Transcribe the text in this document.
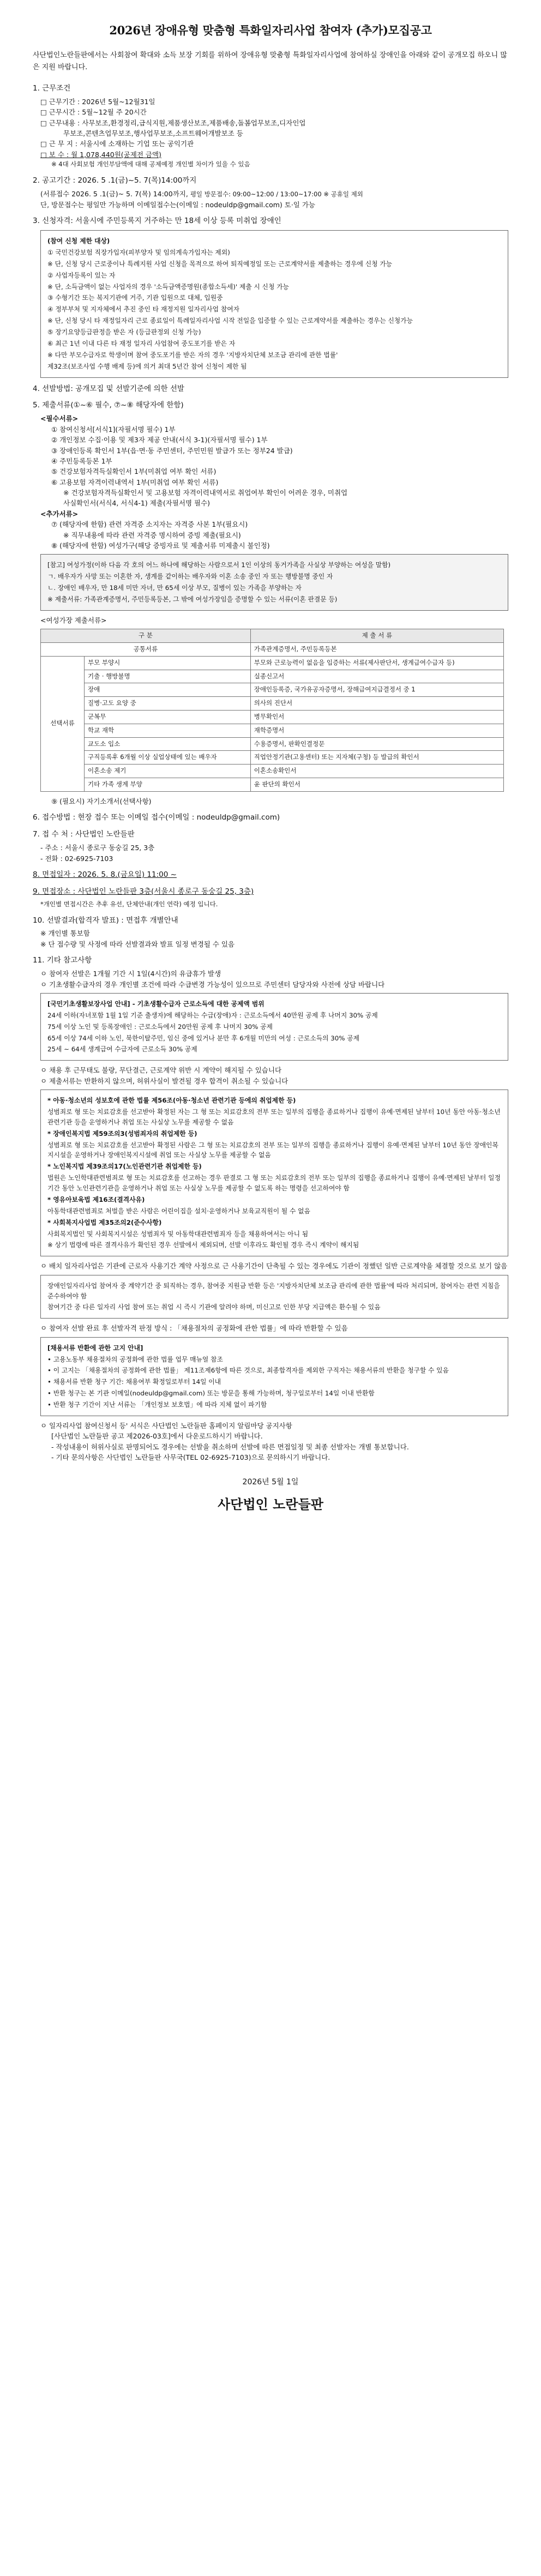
2026년 장애유형 맞춤형 특화일자리사업 참여자 (추가)모집공고
사단법인노란들판에서는 사회참여 확대와 소득 보장 기회를 위하여 장애유형 맞춤형 특화일자리사업에 참여하실 장애인을 아래와 같이 공개모집 하오니 많은 지원 바랍니다.
1. 근무조건
□ 근무기간 : 2026년 5월~12월31일
□ 근무시간 : 5월~12월 주 20시간
□ 근무내용 : 사무보조,환경정리,급식지원,제품생산보조,제품배송,돌봄업무보조,디자인업
무보조,콘텐츠업무보조,행사업무보조,소프트웨어개발보조 등
□ 근 무 지 : 서울시에 소재하는 기업 또는 공익기관
□ 보 수 : 월 1,078,440원(공제전 금액)
※ 4대 사회보험 개인부담액에 대해 공제예정 개인별 차이가 있을 수 있음
2. 공고기간 : 2026. 5 .1(금)~5. 7(목)14:00까지
(서류접수 2026. 5 .1(금)~ 5. 7(목) 14:00까지, 평일 방문접수: 09:00~12:00 / 13:00~17:00 ※ 공휴일 제외
단, 방문접수는 평일만 가능하며 이메일접수는(이메일 : nodeuldp@gmail.com) 토·일 가능
3. 신청자격: 서울시에 주민등록지 거주하는 만 18세 이상 등록 미취업 장애인

(참여 신청 제한 대상)

① 국민건강보험 직장가입자(피부양자 및 임의계속가입자는 제외)

※ 단, 신청 당시 근로중이나 특례지원 사업 신청을 목적으로 하여 퇴직예정일 또는 근로계약서를 제출하는 경우에 신청 가능

② 사업자등록이 있는 자

※ 단, 소득금액이 없는 사업자의 경우 '소득금액증명원(종합소득세)' 제출 시 신청 가능

③ 수형기간 또는 복지기관에 거주, 기관 입원으로 대체, 입원중

④ 정부부처 및 지자체에서 추진 중인 타 재정지원 일자리사업 참여자

※ 단, 신청 당시 타 재정일자리 근로 종료일이 특례일자리사업 시작 전일을 입증할 수 있는 근로계약서를 제출하는 경우는 신청가능

⑤ 장기요양등급판정을 받은 자 (등급판정외 신청 가능)

⑥ 최근 1년 이내 다른 타 재정 일자리 사업참여 중도포기를 받은 자

※ 다만 부모수급자로 학생이며 참여 중도포기를 받은 자의 경우 '지방자치단체 보조금 관리에 관한 법률'

제32조(보조사업 수행 배제 등)에 의거 최대 5년간 참여 신청이 제한 됨

4. 선발방법: 공개모집 및 선발기준에 의한 선발
5. 제출서류(①~⑥ 필수, ⑦~⑧ 해당자에 한함)
<필수서류>
① 참여신청서[서식1](자필서명 필수) 1부
② 개인정보 수집·이용 및 제3자 제공 안내(서식 3-1)(자필서명 필수) 1부
③ 장애인등록 확인서 1부(읍·면·동 주민센터, 주민민원 발급가 또는 정부24 발급)
④ 주민등록등본 1부
⑤ 건강보험자격득실확인서 1부(미취업 여부 확인 서류)
⑥ 고용보험 자격이력내역서 1부(미취업 여부 확인 서류)
※ 건강보험자격득실확인서 및 고용보험 자격이력내역서로 취업여부 확인이 어려운 경우, 미취업
사실확인서(서식4, 서식4-1) 제출(자필서명 필수)
<추가서류>
⑦ (해당자에 한함) 관련 자격증 소지자는 자격증 사본 1부(필요시)
※ 직무내용에 따라 관련 자격증 명시하여 증빙 제출(필요시)
⑧ (해당자에 한함) 여성가구(해당 증빙자료 및 제출서류 미제출시 불인정)

[참고] 여성가정(이하 다음 각 호의 어느 하나에 해당하는 사람으로서 1인 이상의 동거가족을 사실상 부양하는 여성을 말함)

ㄱ. 배우자가 사망 또는 이혼한 자, 생계를 같이하는 배우자와 이혼 소송 중인 자 또는 행방불명 중인 자

ㄴ. 장애인 배우자, 만 18세 미만 자녀, 만 65세 이상 부모, 질병이 있는 가족을 부양하는 자

※ 제출서류: 가족관계증명서, 주민등록등본, 그 밖에 여성가장임을 증명할 수 있는 서류(이혼 판결문 등)

<여성가장 제출서류>
구 분		제 출 서 류
공통서류		가족관계증명서, 주민등록등본
선택서류	부모 부양시	부모와 근로능력이 없음을 입증하는 서류(제사판단서, 생계급여수급자 등)
	기출 · 행방불명	실종신고서
	장애	장애인등록증, 국가유공자증명서, 장해급여지급결정서 중 1
	질병·고도 요양 중	의사의 진단서
	군복무	병무확인서
	학교 재학	재학증명서
	교도소 입소	수용증명서, 판확인결정문
	구직등록후 6개월 이상 실업상태에 있는 배우자	직업안정기관(고용센터) 또는 지자체(구청) 등 발급의 확인서
	이혼소송 제기	이혼소송확인서
	기타 가족 생계 부양	윤 판단의 확인서
⑨ (필요시) 자기소개서(선택사항)
6. 접수방법 : 현장 접수 또는 이메일 접수(이메일 : nodeuldp@gmail.com)
7. 접 수 처 : 사단법인 노란들판
- 주소 : 서울시 종로구 동숭길 25, 3층
- 전화 : 02-6925-7103
8. 면접일자 : 2026. 5. 8.(금요일) 11:00 ~
9. 면접장소 : 사단법인 노란들판 3층(서울시 종로구 동숭길 25, 3층)
*개인별 면접시간은 추후 유선, 단체안내(개인 연락) 예정 입니다.
10. 선발결과(합격자 발표) : 면접후 개별안내
※ 개인별 통보함
※ 단 접수량 및 사정에 따라 선발결과와 발표 일정 변경될 수 있음
11. 기타 참고사항
ㅇ 참여자 선발은 1개월 기간 시 1일(4시간)의 유급휴가 발생
ㅇ 기초생활수급자의 경우 개인별 조건에 따라 수급변경 가능성이 있으므로 주민센터 담당자와 사전에 상담 바랍니다

[국민기초생활보장사업 안내] - 기초생활수급자 근로소득에 대한 공제액 범위

24세 이하(자녀포함 1월 1일 기준 출생자)에 해당하는 수급(장애)자 : 근로소득에서 40만원 공제 후 나머지 30% 공제

75세 이상 노인 및 등록장애인 : 근로소득에서 20만원 공제 후 나머지 30% 공제

65세 이상 74세 이하 노인, 북한이탈주민, 임신 중에 있거나 분만 후 6개월 미만의 여성 : 근로소득의 30% 공제

25세 ~ 64세 생계급여 수급자에 근로소득 30% 공제

ㅇ 채용 후 근무태도 불량, 무단결근, 근로계약 위반 시 계약이 해지될 수 있습니다
ㅇ 제출서류는 반환하지 않으며, 허위사실이 발견될 경우 합격이 취소될 수 있습니다

* 아동·청소년의 성보호에 관한 법률 제56조(아동·청소년 관련기관 등에의 취업제한 등)

성범죄로 형 또는 치료감호를 선고받아 확정된 자는 그 형 또는 치료감호의 전부 또는 일부의 집행을 종료하거나 집행이 유예·면제된 날부터 10년 동안 아동·청소년 관련기관 등을 운영하거나 취업 또는 사실상 노무를 제공할 수 없음

* 장애인복지법 제59조의3(성범죄자의 취업제한 등)

성범죄로 형 또는 치료감호를 선고받아 확정된 사람은 그 형 또는 치료감호의 전부 또는 일부의 집행을 종료하거나 집행이 유예·면제된 날부터 10년 동안 장애인복지시설을 운영하거나 장애인복지시설에 취업 또는 사실상 노무를 제공할 수 없음

* 노인복지법 제39조의17(노인관련기관 취업제한 등)

법원은 노인학대관련범죄로 형 또는 치료감호를 선고하는 경우 판결로 그 형 또는 치료감호의 전부 또는 일부의 집행을 종료하거나 집행이 유예·면제된 날부터 일정기간 동안 노인관련기관을 운영하거나 취업 또는 사실상 노무를 제공할 수 없도록 하는 명령을 선고하여야 함

* 영유아보육법 제16조(결격사유)

아동학대관련범죄로 처벌을 받은 사람은 어린이집을 설치·운영하거나 보육교직원이 될 수 없음

* 사회복지사업법 제35조의2(준수사항)

사회복지법인 및 사회복지시설은 성범죄자 및 아동학대관련범죄자 등을 채용하여서는 아니 됨

※ 상기 법령에 따른 결격사유가 확인된 경우 선발에서 제외되며, 선발 이후라도 확인될 경우 즉시 계약이 해지됨

ㅇ 배치 일자리사업은 기관에 근로자 사용기간 계약 사정으로 근 사용기간이 단축될 수 있는 경우에도 기관이 정했던 일반 근로계약을 체결할 것으로 보기 않음

장애인일자리사업 참여자 중 계약기간 중 퇴직하는 경우, 참여중 지원금 반환 등은 '지방자치단체 보조금 관리에 관한 법률'에 따라 처리되며, 참여자는 관련 지침을 준수하여야 함

참여기간 중 다른 일자리 사업 참여 또는 취업 시 즉시 기관에 알려야 하며, 미신고로 인한 부당 지급액은 환수될 수 있음

ㅇ 참여자 선발 완료 후 선발자격 판정 방식 : 「채용절차의 공정화에 관한 법률」에 따라 반환할 수 있음

[채용서류 반환에 관한 고지 안내]

• 고용노동부 채용절차의 공정화에 관한 법률 업무 매뉴얼 참조

• 이 고지는 「채용절차의 공정화에 관한 법률」 제11조제6항에 따른 것으로, 최종합격자를 제외한 구직자는 채용서류의 반환을 청구할 수 있음

• 채용서류 반환 청구 기간: 채용여부 확정일로부터 14일 이내

• 반환 청구는 본 기관 이메일(nodeuldp@gmail.com) 또는 방문을 통해 가능하며, 청구일로부터 14일 이내 반환함

• 반환 청구 기간이 지난 서류는 「개인정보 보호법」에 따라 지체 없이 파기함

ㅇ 일자리사업 참여신청서 등' 서식은 사단법인 노란들판 홈페이지 알림마당 공지사항
[사단법인 노란들판 공고 제2026-03호]에서 다운로드하시기 바랍니다.
- 작성내용이 허위사실로 판명되어도 경우에는 선발을 취소하며 선발에 따른 면접일정 및 최종 선발자는 개별 통보합니다.
- 기타 문의사항은 사단법인 노란들판 사무국(TEL 02-6925-7103)으로 문의하시기 바랍니다.
2026년 5월 1일
사단법인 노란들판
